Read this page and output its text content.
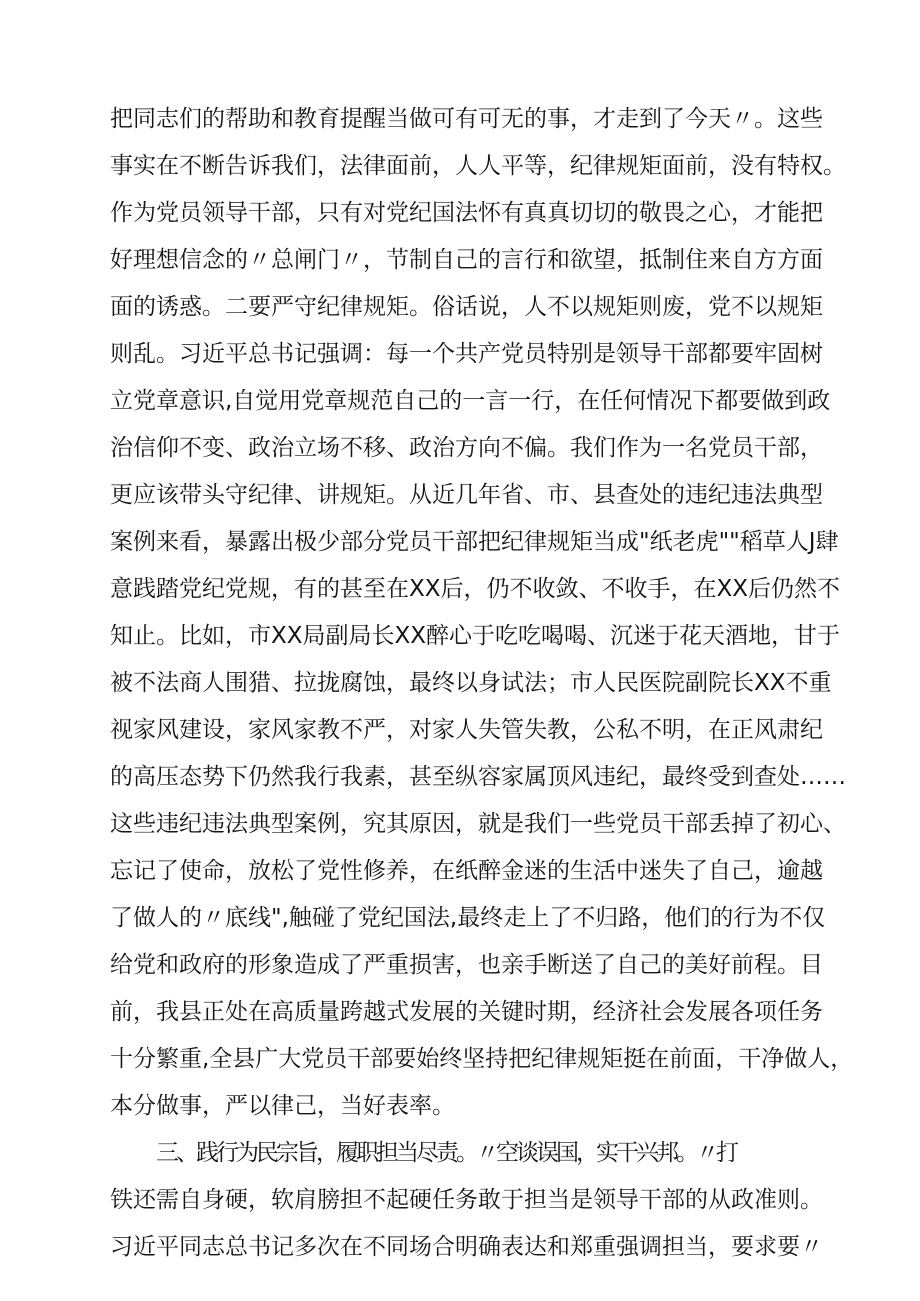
把同志们的帮助和教育提醒当做可有可无的事，才走到了今天〃。这些
事实在不断告诉我们，法律面前，人人平等，纪律规矩面前，没有特权。
作为党员领导干部，只有对党纪国法怀有真真切切的敬畏之心，才能把
好理想信念的〃总闸门〃，节制自己的言行和欲望，抵制住来自方方面
面的诱惑。二要严守纪律规矩。俗话说，人不以规矩则废，党不以规矩
则乱。习近平总书记强调：每一个共产党员特别是领导干部都要牢固树
立党章意识,自觉用党章规范自己的一言一行，在任何情况下都要做到政
治信仰不变、政治立场不移、政治方向不偏。我们作为一名党员干部，
更应该带头守纪律、讲规矩。从近几年省、市、县查处的违纪违法典型
案例来看，暴露出极少部分党员干部把纪律规矩当成"纸老虎""稻草人J肆
意践踏党纪党规，有的甚至在XX后，仍不收敛、不收手，在XX后仍然不
知止。比如，市XX局副局长XX醉心于吃吃喝喝、沉迷于花天酒地，甘于
被不法商人围猎、拉拢腐蚀，最终以身试法；市人民医院副院长XX不重
视家风建设，家风家教不严，对家人失管失教，公私不明，在正风肃纪
的高压态势下仍然我行我素，甚至纵容家属顶风违纪，最终受到查处……
这些违纪违法典型案例，究其原因，就是我们一些党员干部丢掉了初心、
忘记了使命，放松了党性修养，在纸醉金迷的生活中迷失了自己，逾越
了做人的〃底线",触碰了党纪国法,最终走上了不归路，他们的行为不仅
给党和政府的形象造成了严重损害，也亲手断送了自己的美好前程。目
前，我县正处在高质量跨越式发展的关键时期，经济社会发展各项任务
十分繁重,全县广大党员干部要始终坚持把纪律规矩挺在前面，干净做人，
本分做事，严以律己，当好表率。
三、践行为民宗旨，履职担当尽责。〃空谈误国，实干兴邦。〃打
铁还需自身硬，软肩膀担不起硬任务敢于担当是领导干部的从政准则。
习近平同志总书记多次在不同场合明确表达和郑重强调担当，要求要〃
